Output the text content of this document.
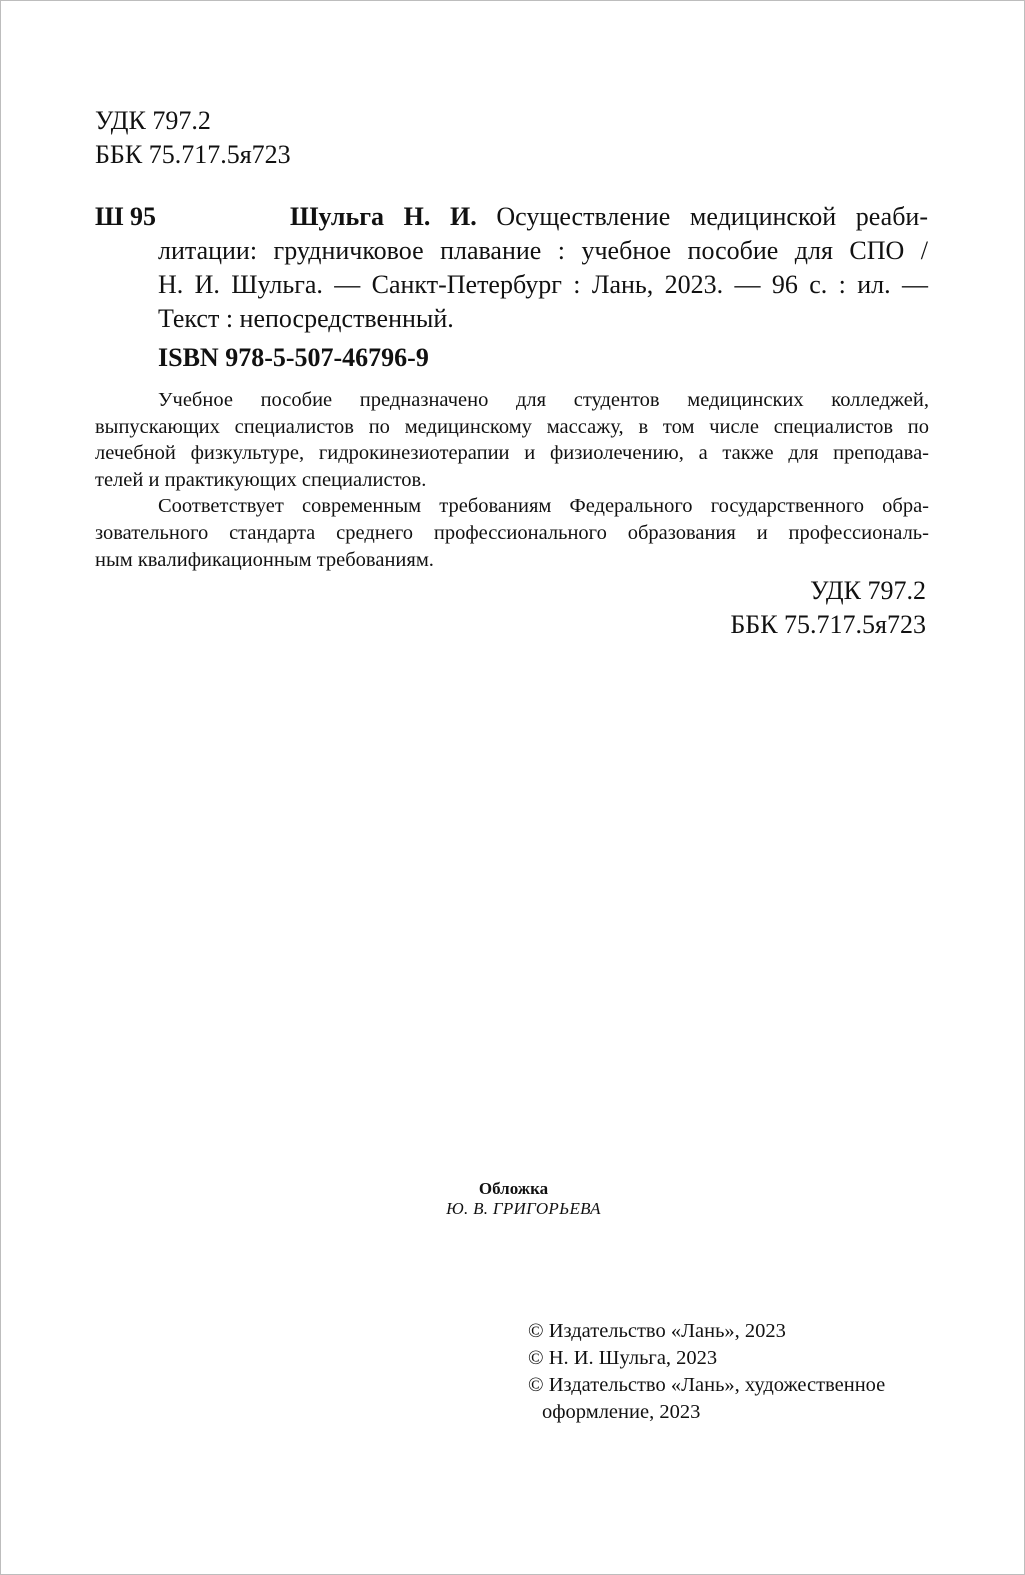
УДК 797.2
ББК 75.717.5я723
Ш 95	Шульга Н. И. Осуществление медицинской реаби-
литации: грудничковое плавание : учебное пособие для СПО /
Н. И. Шульга. — Санкт-Петербург : Лань, 2023. — 96 с. : ил. —
Текст : непосредственный.
ISBN 978-5-507-46796-9
Учебное пособие предназначено для студентов медицинских колледжей,
выпускающих специалистов по медицинскому массажу, в том числе специалистов по
лечебной физкультуре, гидрокинезиотерапии и физиолечению, а также для преподава-
телей и практикующих специалистов.
Соответствует современным требованиям Федерального государственного обра-
зовательного стандарта среднего профессионального образования и профессиональ-
ным квалификационным требованиям.
УДК 797.2
ББК 75.717.5я723
Обложка
Ю. В. ГРИГОРЬЕВА
© Издательство «Лань», 2023
© Н. И. Шульга, 2023
© Издательство «Лань», художественное
оформление, 2023
